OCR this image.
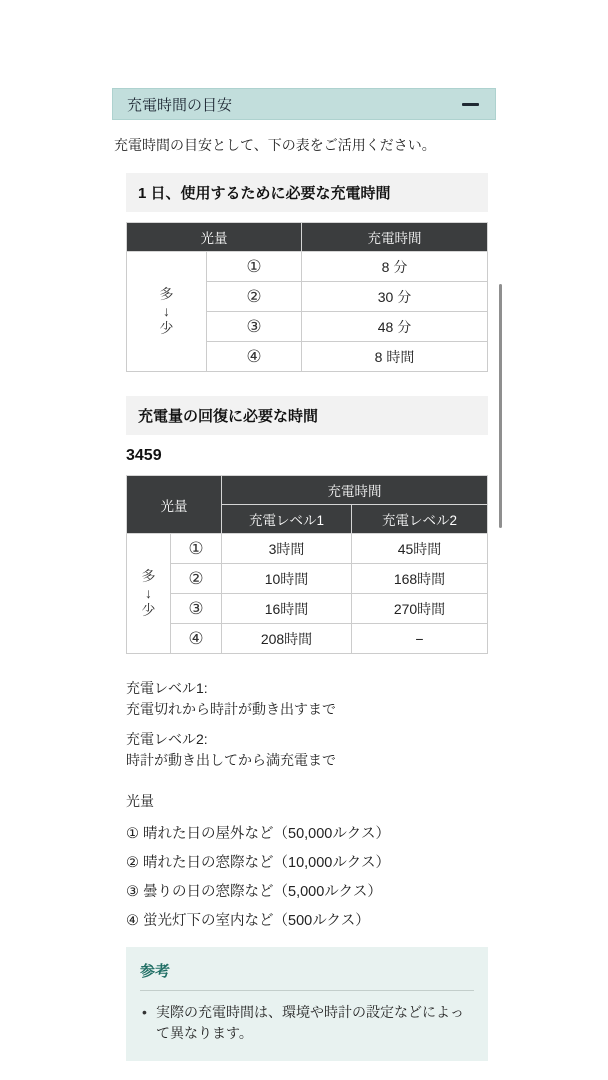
充電時間の目安

充電時間の目安として、下の表をご活用ください。

1 日、使用するために必要な充電時間
光量		充電時間

多
↓
少	①	8 分
	②	30 分
	③	48 分
	④	8 時間
充電量の回復に必要な時間
3459
光量		充電時間	
		充電レベル1	充電レベル2

多
↓
少	①	3時間	45時間
	②	10時間	168時間
	③	16時間	270時間
	④	208時間	−
充電レベル1:
充電切れから時計が動き出すまで
充電レベル2:
時計が動き出してから満充電まで
光量
① 晴れた日の屋外など（50,000ルクス）
② 晴れた日の窓際など（10,000ルクス）
③ 曇りの日の窓際など（5,000ルクス）
④ 蛍光灯下の室内など（500ルクス）
参考
• 実際の充電時間は、環境や時計の設定などによって異なります。
